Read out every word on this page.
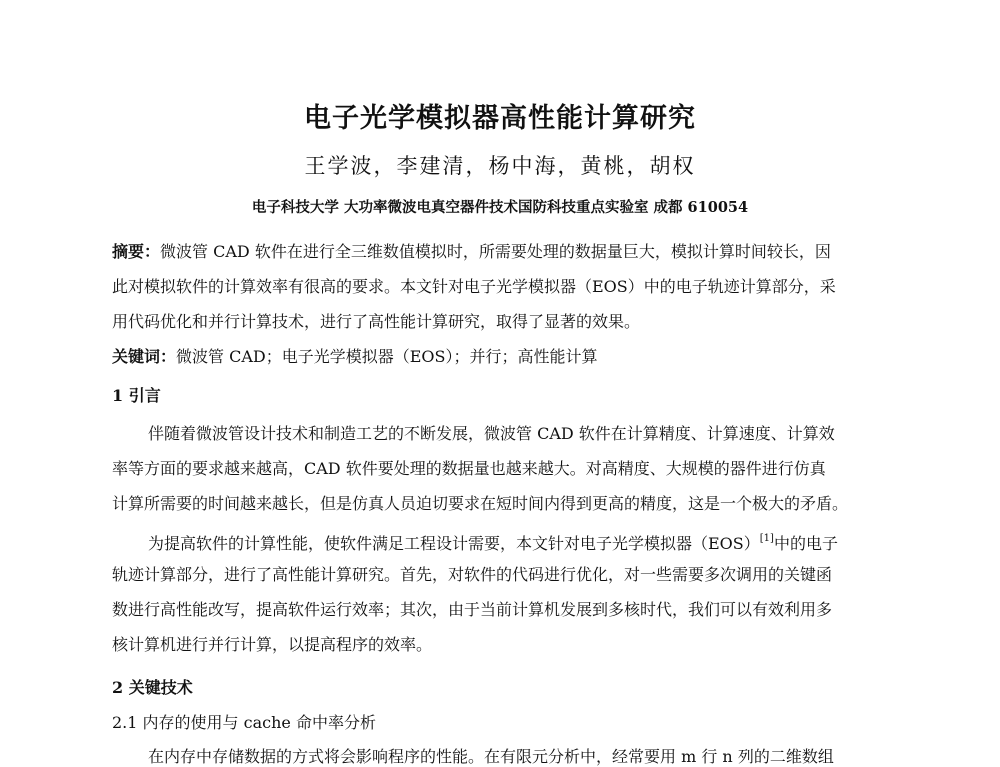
电子光学模拟器高性能计算研究
王学波，李建清，杨中海，黄桃，胡权
电子科技大学 大功率微波电真空器件技术国防科技重点实验室 成都 610054
摘要：微波管 CAD 软件在进行全三维数值模拟时，所需要处理的数据量巨大，模拟计算时间较长，因
此对模拟软件的计算效率有很高的要求。本文针对电子光学模拟器（EOS）中的电子轨迹计算部分，采
用代码优化和并行计算技术，进行了高性能计算研究，取得了显著的效果。
关键词：微波管 CAD；电子光学模拟器（EOS）；并行；高性能计算
1 引言
伴随着微波管设计技术和制造工艺的不断发展，微波管 CAD 软件在计算精度、计算速度、计算效
率等方面的要求越来越高，CAD 软件要处理的数据量也越来越大。对高精度、大规模的器件进行仿真
计算所需要的时间越来越长，但是仿真人员迫切要求在短时间内得到更高的精度，这是一个极大的矛盾。
为提高软件的计算性能，使软件满足工程设计需要，本文针对电子光学模拟器（EOS）[1]中的电子
轨迹计算部分，进行了高性能计算研究。首先，对软件的代码进行优化，对一些需要多次调用的关键函
数进行高性能改写，提高软件运行效率；其次，由于当前计算机发展到多核时代，我们可以有效利用多
核计算机进行并行计算，以提高程序的效率。
2 关键技术
2.1 内存的使用与 cache 命中率分析
在内存中存储数据的方式将会影响程序的性能。在有限元分析中，经常要用 m 行 n 列的二维数组
